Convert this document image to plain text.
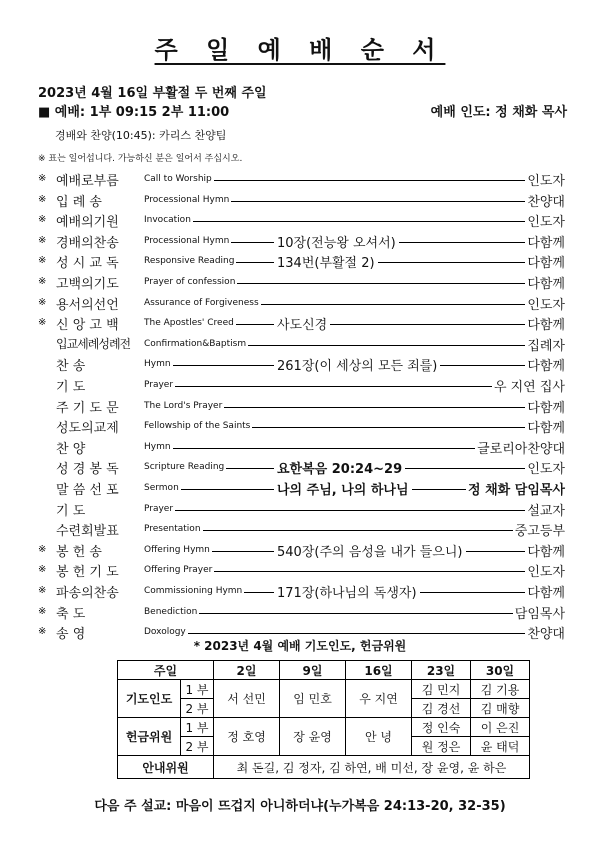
주 일 예 배 순 서
2023년 4월 16일 부활절 두 번째 주일
■ 예배: 1부 09:15 2부 11:00	예배 인도: 정 채화 목사
경배와 찬양(10:45): 카리스 찬양팀
※ 표는 일어섭니다. 가능하신 분은 일어서 주십시오.
※ 예배로부름	Call to Worship	인도자
※ 입 례 송	Processional Hymn	찬양대
※ 예배의기원	Invocation	인도자
※ 경배의찬송	Processional Hymn	10장(전능왕 오셔서)	다함께
※ 성 시 교 독	Responsive Reading	134번(부활절 2)	다함께
※ 고백의기도	Prayer of confession	다함께
※ 용서의선언	Assurance of Forgiveness	인도자
※ 신 앙 고 백	The Apostles' Creed	사도신경	다함께
입교세례성례전 Confirmation&Baptism	집례자
찬 송	Hymn	261장(이 세상의 모든 죄를)	다함께
기 도	Prayer	우 지연 집사
주 기 도 문	The Lord's Prayer	다함께
성도의교제	Fellowship of the Saints	다함께
찬 양	Hymn	글로리아찬양대
성 경 봉 독	Scripture Reading	요한복음 20:24~29	인도자
말 씀 선 포	Sermon	나의 주님, 나의 하나님	정 채화 담임목사
기 도	Prayer	설교자
수련회발표	Presentation	중고등부
※ 봉 헌 송	Offering Hymn	540장(주의 음성을 내가 들으니)	다함께
※ 봉 헌 기 도	Offering Prayer	인도자
※ 파송의찬송	Commissioning Hymn	171장(하나님의 독생자)	다함께
※ 축 도	Benediction	담임목사
※ 송 영	Doxology	찬양대
* 2023년 4월 예배 기도인도, 헌금위원
주일		2일	9일	16일	23일	30일
기도인도	1 부	서 선민	임 민호	우 지연	김 민지	김 기용
	2 부				김 경선	김 매향
헌금위원	1 부	정 호영	장 윤영	안 녕	정 인숙	이 은진
	2 부				원 정은	윤 태덕
안내위원		최 돈길, 김 정자, 김 하연, 배 미선, 장 윤영, 윤 하은				
다음 주 설교: 마음이 뜨겁지 아니하더냐(누가복음 24:13-20, 32-35)
